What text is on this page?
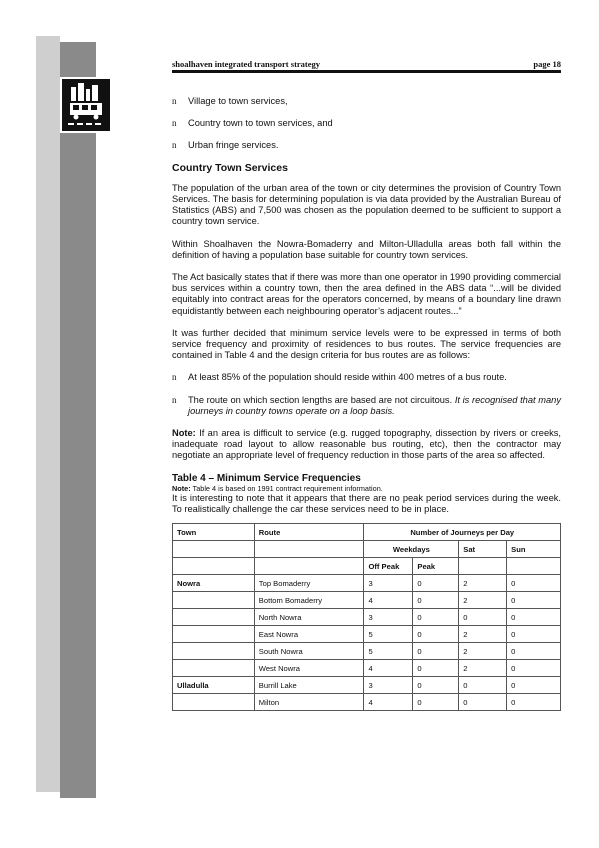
shoalhaven integrated transport strategy	page 18
n Village to town services,
n Country town to town services, and
n Urban fringe services.
Country Town Services

The population of the urban area of the town or city determines the provision of Country Town Services. The basis for determining population is via data provided by the Australian Bureau of Statistics (ABS) and 7,500 was chosen as the population deemed to be sufficient to support a country town service.

Within Shoalhaven the Nowra-Bomaderry and Milton-Ulladulla areas both fall within the definition of having a population base suitable for country town services.

The Act basically states that if there was more than one operator in 1990 providing commercial bus services within a country town, then the area defined in the ABS data “...will be divided equitably into contract areas for the operators concerned, by means of a boundary line drawn equidistantly between each neighbouring operator’s adjacent routes...”

It was further decided that minimum service levels were to be expressed in terms of both service frequency and proximity of residences to bus routes. The service frequencies are contained in Table 4 and the design criteria for bus routes are as follows:

n At least 85% of the population should reside within 400 metres of a bus route.
n The route on which section lengths are based are not circuitous. It is recognised that many journeys in country towns operate on a loop basis.

Note: If an area is difficult to service (e.g. rugged topography, dissection by rivers or creeks, inadequate road layout to allow reasonable bus routing, etc), then the contractor may negotiate an appropriate level of frequency reduction in those parts of the area so affected.

Table 4 – Minimum Service Frequencies
Note: Table 4 is based on 1991 contract requirement information.

It is interesting to note that it appears that there are no peak period services during the week. To realistically challenge the car these services need to be in place.

Town	Route	Number of Journeys per Day			
		Weekdays		Sat	Sun
		Off Peak	Peak		
Nowra	Top Bomaderry	3	0	2	0
	Bottom Bomaderry	4	0	2	0
	North Nowra	3	0	0	0
	East Nowra	5	0	2	0
	South Nowra	5	0	2	0
	West Nowra	4	0	2	0
Ulladulla	Burrill Lake	3	0	0	0
	Milton	4	0	0	0
